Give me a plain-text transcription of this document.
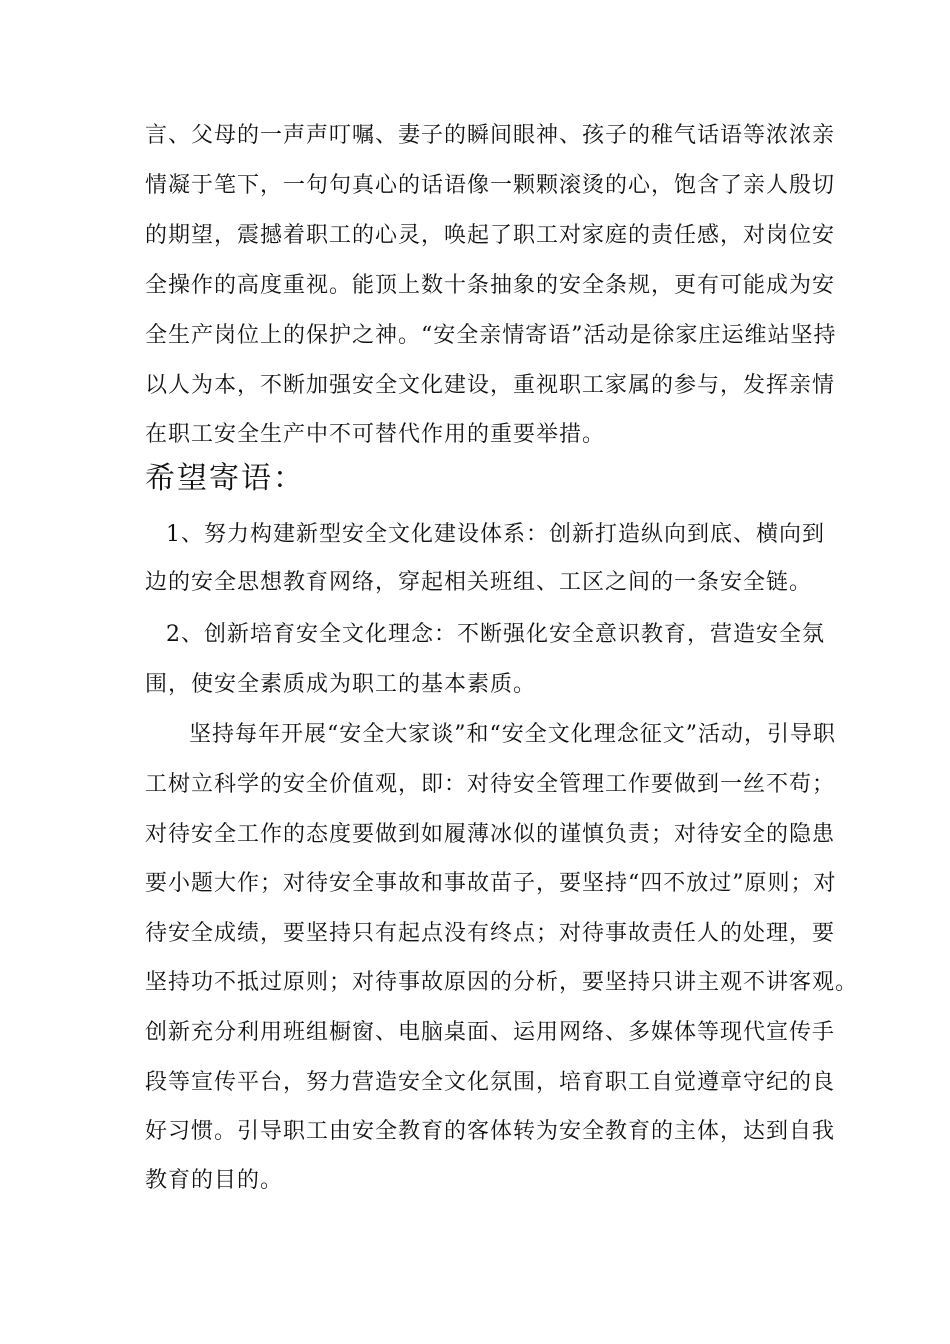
言、父母的一声声叮嘱、妻子的瞬间眼神、孩子的稚气话语等浓浓亲
情凝于笔下，一句句真心的话语像一颗颗滚烫的心，饱含了亲人殷切
的期望，震撼着职工的心灵，唤起了职工对家庭的责任感，对岗位安
全操作的高度重视。能顶上数十条抽象的安全条规，更有可能成为安
全生产岗位上的保护之神。“安全亲情寄语”活动是徐家庄运维站坚持
以人为本，不断加强安全文化建设，重视职工家属的参与，发挥亲情
在职工安全生产中不可替代作用的重要举措。
希望寄语：
1、努力构建新型安全文化建设体系：创新打造纵向到底、横向到
边的安全思想教育网络，穿起相关班组、工区之间的一条安全链。
2、创新培育安全文化理念：不断强化安全意识教育，营造安全氛
围，使安全素质成为职工的基本素质。
坚持每年开展“安全大家谈”和“安全文化理念征文”活动，引导职
工树立科学的安全价值观，即：对待安全管理工作要做到一丝不苟；
对待安全工作的态度要做到如履薄冰似的谨慎负责；对待安全的隐患
要小题大作；对待安全事故和事故苗子，要坚持“四不放过”原则；对
待安全成绩，要坚持只有起点没有终点；对待事故责任人的处理，要
坚持功不抵过原则；对待事故原因的分析，要坚持只讲主观不讲客观。
创新充分利用班组橱窗、电脑桌面、运用网络、多媒体等现代宣传手
段等宣传平台，努力营造安全文化氛围，培育职工自觉遵章守纪的良
好习惯。引导职工由安全教育的客体转为安全教育的主体，达到自我
教育的目的。
